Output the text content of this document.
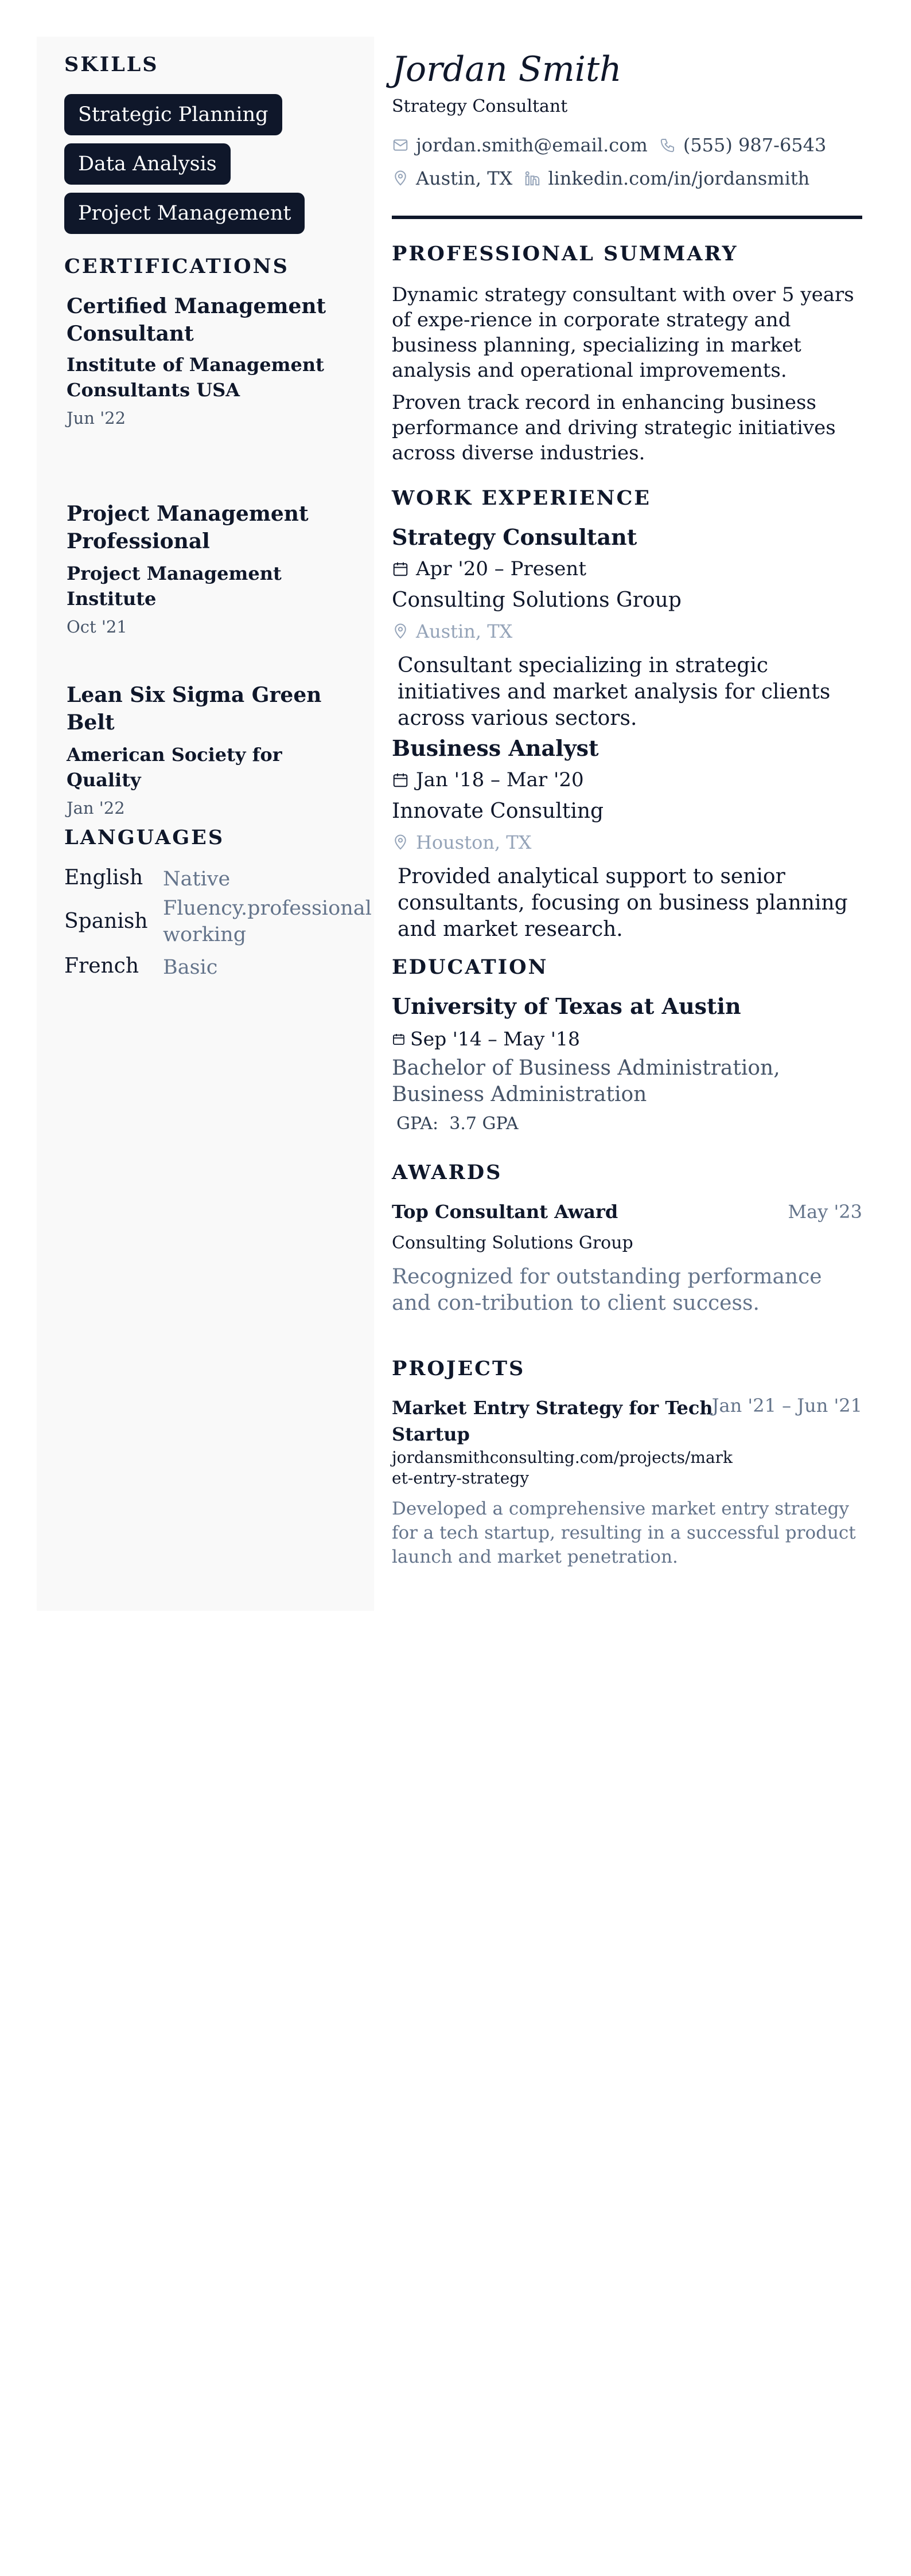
SKILLS
Strategic Planning
Data Analysis
Project Management
CERTIFICATIONS
Certified Management Consultant
Institute of Management Consultants USA
Jun '22
Project Management Professional
Project Management Institute
Oct '21
Lean Six Sigma Green Belt
American Society for Quality
Jan '22
LANGUAGES
English Native
Spanish
Fluency.professional working
French Basic
Jordan Smith
Strategy Consultant
jordan.smith@email.com (555) 987-6543
Austin, TX linkedin.com/in/jordansmith
PROFESSIONAL SUMMARY
Dynamic strategy consultant with over 5 years of expe-rience in corporate strategy and business planning, specializing in market analysis and operational improvements.
Proven track record in enhancing business performance and driving strategic initiatives across diverse industries.
WORK EXPERIENCE
Strategy Consultant
Apr '20 – Present
Consulting Solutions Group
Austin, TX
Consultant specializing in strategic initiatives and market analysis for clients across various sectors.
Business Analyst
Jan '18 – Mar '20
Innovate Consulting
Houston, TX
Provided analytical support to senior consultants, focusing on business planning and market research.
EDUCATION
University of Texas at Austin
Sep '14 – May '18
Bachelor of Business Administration, Business Administration
GPA: 3.7 GPA
AWARDS
Top Consultant Award	May '23
Consulting Solutions Group
Recognized for outstanding performance and con-tribution to client success.
PROJECTS
Market Entry Strategy for Tech Startup
Jan '21 – Jun '21
jordansmithconsulting.com/projects/market-entry-strategy
Developed a comprehensive market entry strategy for a tech startup, resulting in a successful product launch and market penetration.
